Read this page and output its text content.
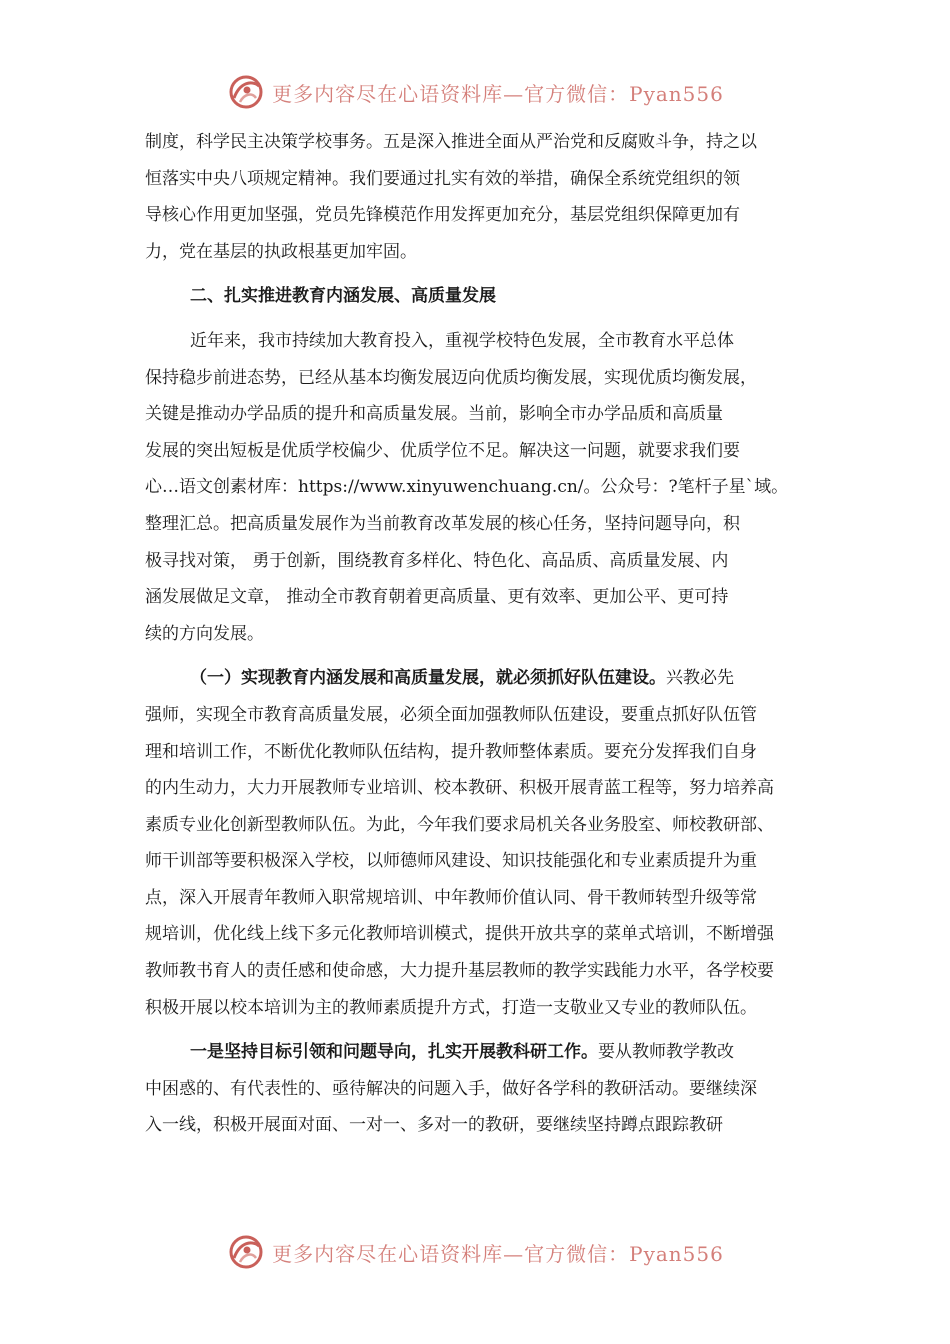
更多内容尽在心语资料库—官方微信：Pyan556
制度，科学民主决策学校事务。五是深入推进全面从严治党和反腐败斗争，持之以
恒落实中央八项规定精神。我们要通过扎实有效的举措，确保全系统党组织的领
导核心作用更加坚强，党员先锋模范作用发挥更加充分，基层党组织保障更加有
力，党在基层的执政根基更加牢固。
二、扎实推进教育内涵发展、高质量发展
近年来，我市持续加大教育投入，重视学校特色发展，全市教育水平总体
保持稳步前进态势，已经从基本均衡发展迈向优质均衡发展，实现优质均衡发展，
关键是推动办学品质的提升和高质量发展。当前，影响全市办学品质和高质量
发展的突出短板是优质学校偏少、优质学位不足。解决这一问题，就要求我们要
心…语文创素材库：https://www.xinyuwenchuang.cn/。公众号：?笔杆子星`域。
整理汇总。把高质量发展作为当前教育改革发展的核心任务，坚持问题导向，积
极寻找对策， 勇于创新，围绕教育多样化、特色化、高品质、高质量发展、内
涵发展做足文章， 推动全市教育朝着更高质量、更有效率、更加公平、更可持
续的方向发展。
（一）实现教育内涵发展和高质量发展，就必须抓好队伍建设。兴教必先
强师，实现全市教育高质量发展，必须全面加强教师队伍建设，要重点抓好队伍管
理和培训工作，不断优化教师队伍结构，提升教师整体素质。要充分发挥我们自身
的内生动力，大力开展教师专业培训、校本教研、积极开展青蓝工程等，努力培养高
素质专业化创新型教师队伍。为此，今年我们要求局机关各业务股室、师校教研部、
师干训部等要积极深入学校，以师德师风建设、知识技能强化和专业素质提升为重
点，深入开展青年教师入职常规培训、中年教师价值认同、骨干教师转型升级等常
规培训，优化线上线下多元化教师培训模式，提供开放共享的菜单式培训，不断增强
教师教书育人的责任感和使命感，大力提升基层教师的教学实践能力水平，各学校要
积极开展以校本培训为主的教师素质提升方式，打造一支敬业又专业的教师队伍。
一是坚持目标引领和问题导向，扎实开展教科研工作。要从教师教学教改
中困惑的、有代表性的、亟待解决的问题入手，做好各学科的教研活动。要继续深
入一线，积极开展面对面、一对一、多对一的教研，要继续坚持蹲点跟踪教研
更多内容尽在心语资料库—官方微信：Pyan556
